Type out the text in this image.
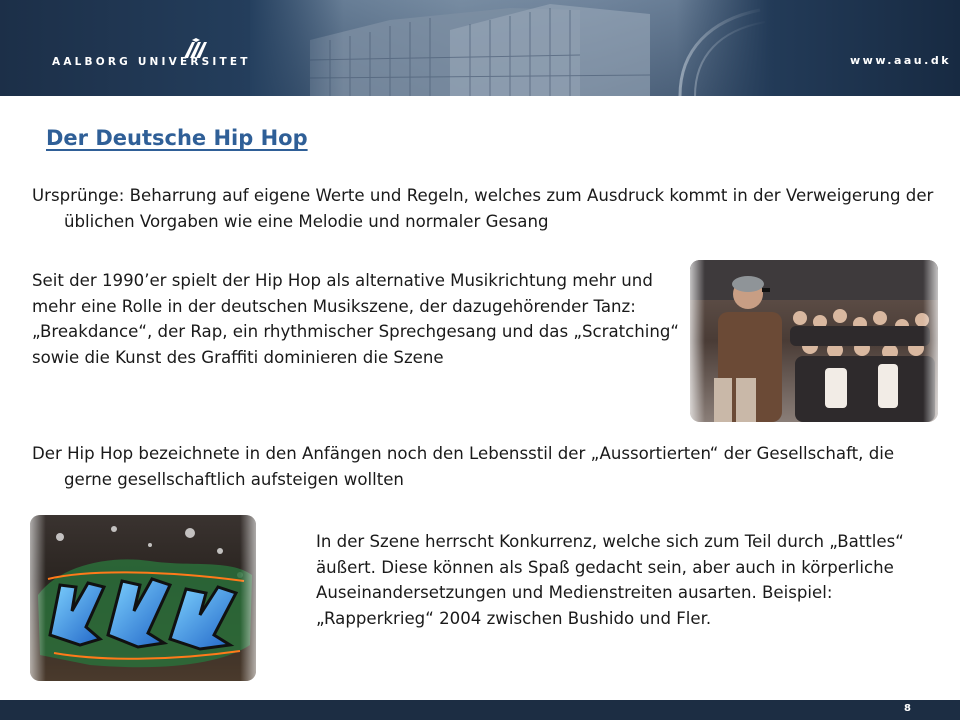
AALBORG UNIVERSITET	www.aau.dk
Der Deutsche Hip Hop
Ursprünge: Beharrung auf eigene Werte und Regeln, welches zum Ausdruck kommt in der Verweigerung der üblichen Vorgaben wie eine Melodie und normaler Gesang
Seit der 1990’er spielt der Hip Hop als alternative Musikrichtung mehr und mehr eine Rolle in der deutschen Musikszene, der dazugehörender Tanz: „Breakdance“, der Rap, ein rhythmischer Sprechgesang und das „Scratching“ sowie die Kunst des Graffiti dominieren die Szene
Der Hip Hop bezeichnete in den Anfängen noch den Lebensstil der „Aussortierten“ der Gesellschaft, die gerne gesellschaftlich aufsteigen wollten
In der Szene herrscht Konkurrenz, welche sich zum Teil durch „Battles“ äußert. Diese können als Spaß gedacht sein, aber auch in körperliche Auseinandersetzungen und Medienstreiten ausarten. Beispiel: „Rapperkrieg“ 2004 zwischen Bushido und Fler.
8
